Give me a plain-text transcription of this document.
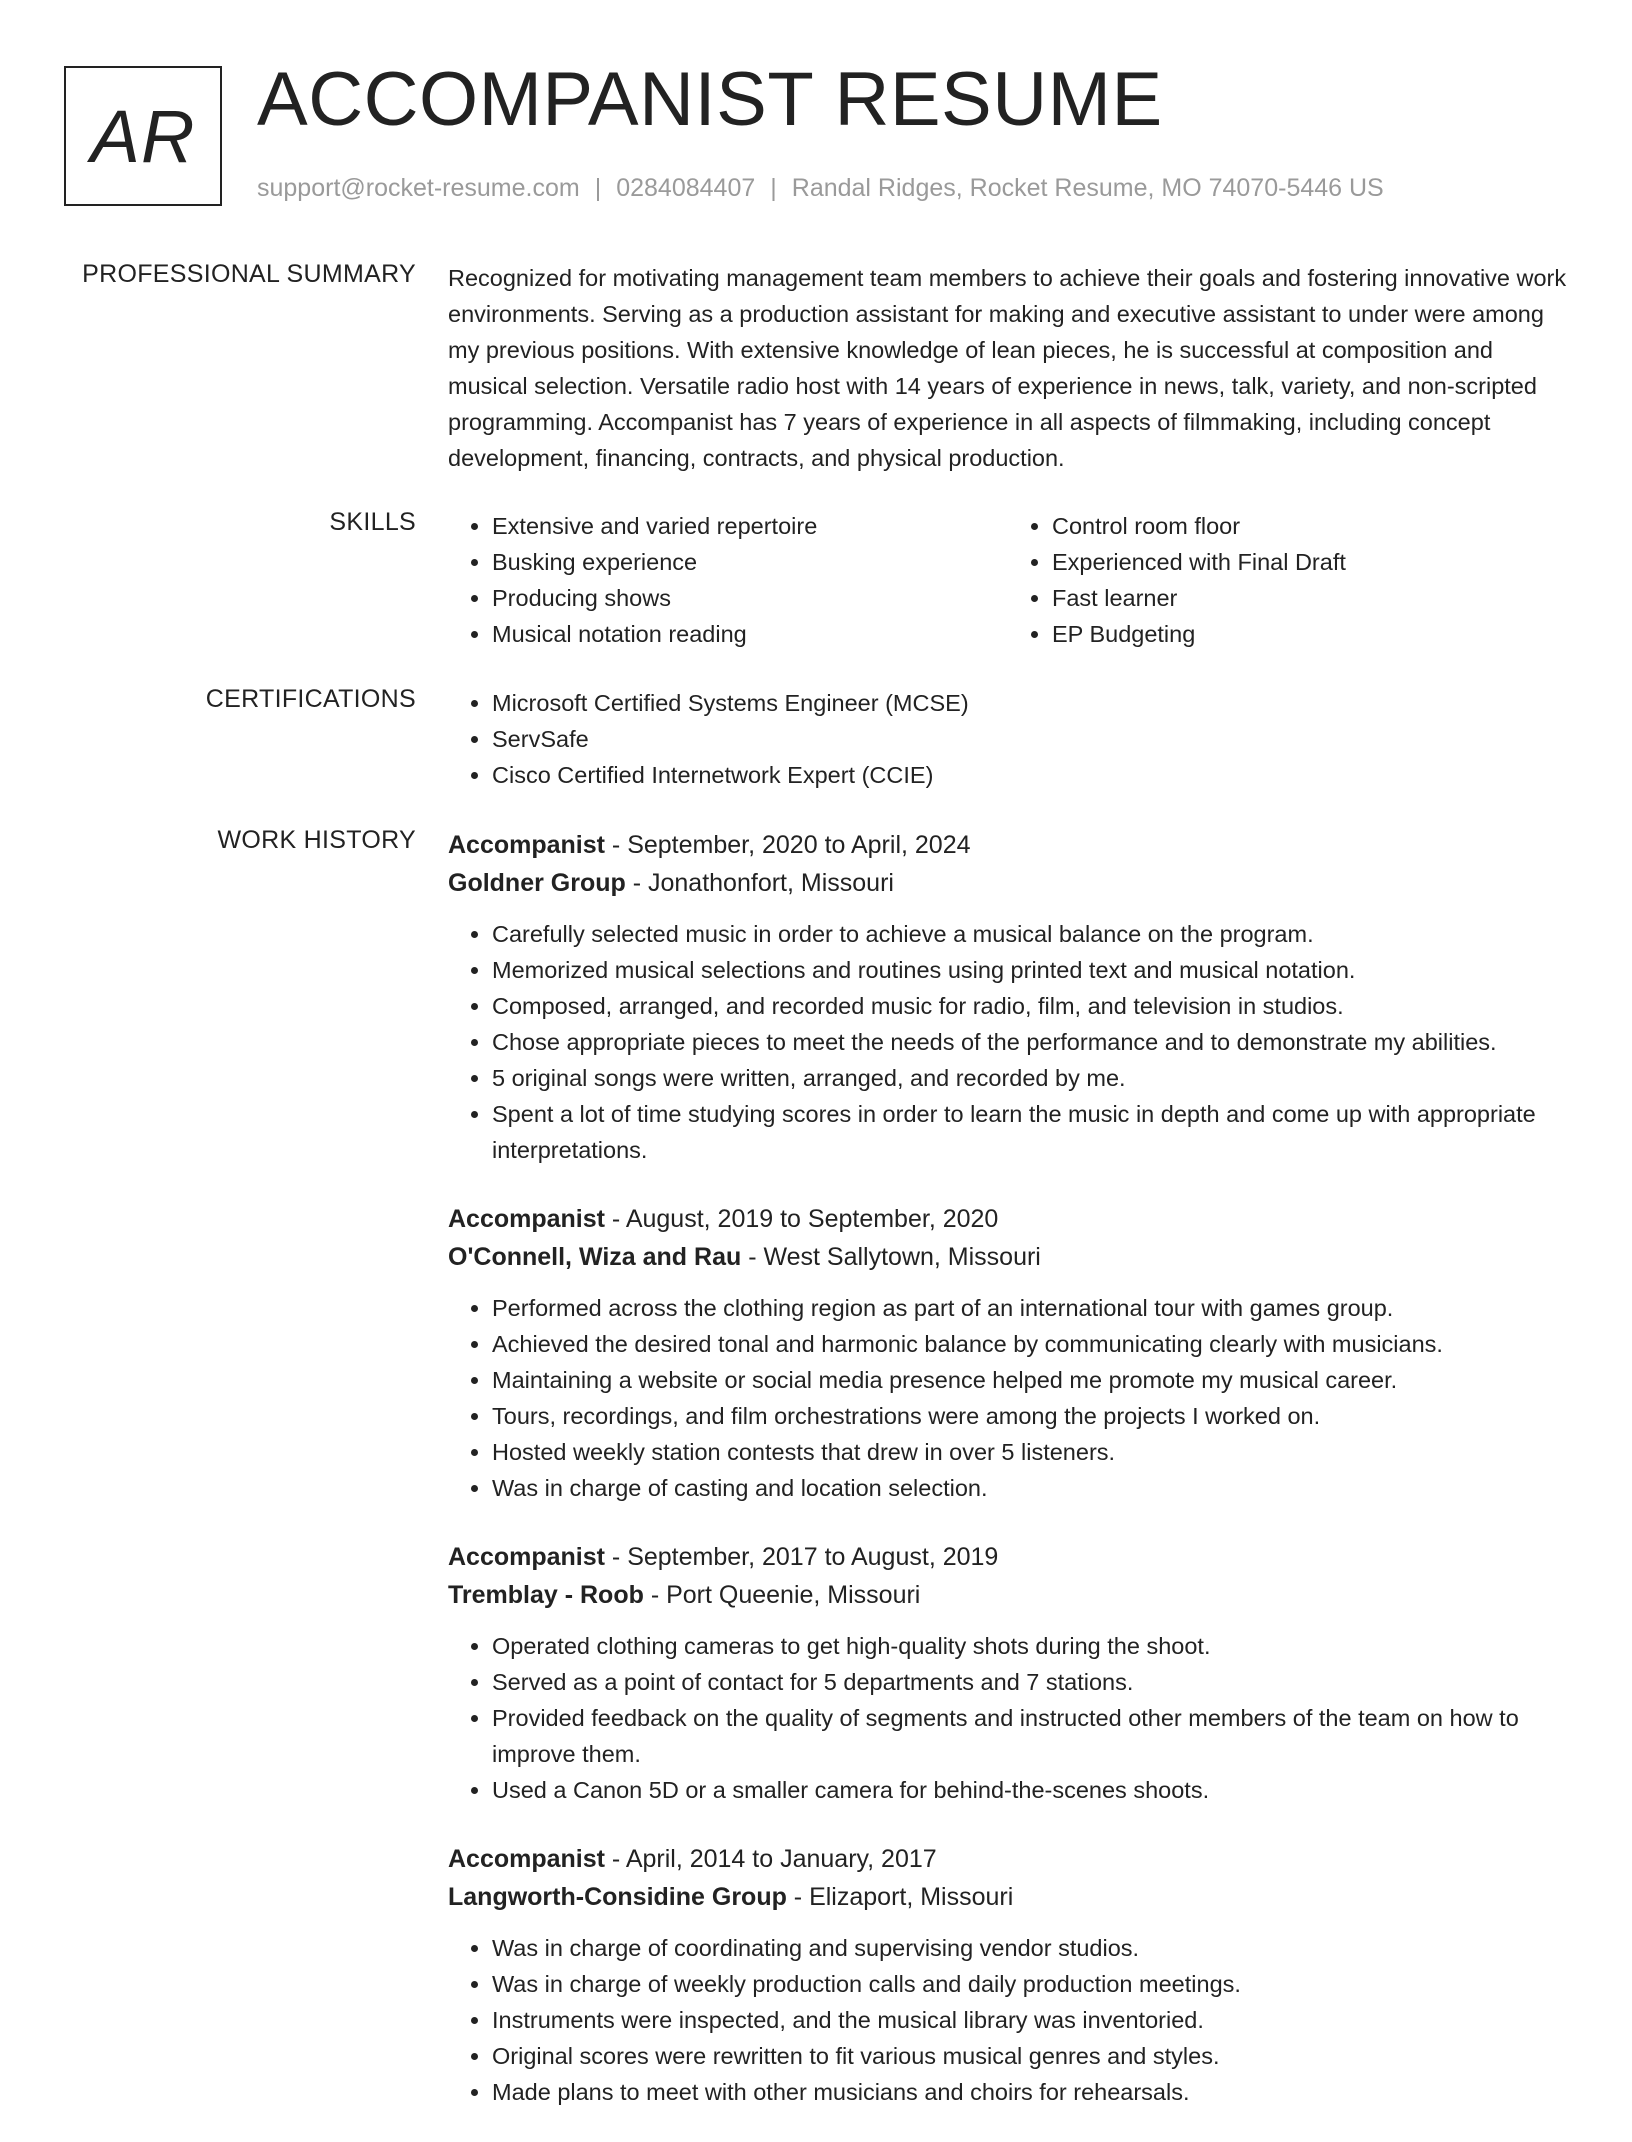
AR ACCOMPANIST RESUME
support@rocket-resume.com | 0284084407 | Randal Ridges, Rocket Resume, MO 74070-5446 US
PROFESSIONAL SUMMARY Recognized for motivating management team members to achieve their goals and fostering innovative work environments. Serving as a production assistant for making and executive assistant to under were among my previous positions. With extensive knowledge of lean pieces, he is successful at composition and musical selection. Versatile radio host with 14 years of experience in news, talk, variety, and non-scripted programming. Accompanist has 7 years of experience in all aspects of filmmaking, including concept development, financing, contracts, and physical production.

SKILLS	• Extensive and varied repertoire
• Busking experience
• Producing shows
• Musical notation reading
• Control room floor
• Experienced with Final Draft
• Fast learner
• EP Budgeting
CERTIFICATIONS	• Microsoft Certified Systems Engineer (MCSE)
• ServSafe
• Cisco Certified Internetwork Expert (CCIE)
WORK HISTORY Accompanist - September, 2020 to April, 2024
Goldner Group - Jonathonfort, Missouri
• Carefully selected music in order to achieve a musical balance on the program.
• Memorized musical selections and routines using printed text and musical notation.
• Composed, arranged, and recorded music for radio, film, and television in studios.
• Chose appropriate pieces to meet the needs of the performance and to demonstrate my abilities.
• 5 original songs were written, arranged, and recorded by me.
• Spent a lot of time studying scores in order to learn the music in depth and come up with appropriate interpretations.
Accompanist - August, 2019 to September, 2020
O'Connell, Wiza and Rau - West Sallytown, Missouri
• Performed across the clothing region as part of an international tour with games group.
• Achieved the desired tonal and harmonic balance by communicating clearly with musicians.
• Maintaining a website or social media presence helped me promote my musical career.
• Tours, recordings, and film orchestrations were among the projects I worked on.
• Hosted weekly station contests that drew in over 5 listeners.
• Was in charge of casting and location selection.
Accompanist - September, 2017 to August, 2019
Tremblay - Roob - Port Queenie, Missouri
• Operated clothing cameras to get high-quality shots during the shoot.
• Served as a point of contact for 5 departments and 7 stations.
• Provided feedback on the quality of segments and instructed other members of the team on how to improve them.
• Used a Canon 5D or a smaller camera for behind-the-scenes shoots.
Accompanist - April, 2014 to January, 2017
Langworth-Considine Group - Elizaport, Missouri
• Was in charge of coordinating and supervising vendor studios.
• Was in charge of weekly production calls and daily production meetings.
• Instruments were inspected, and the musical library was inventoried.
• Original scores were rewritten to fit various musical genres and styles.
• Made plans to meet with other musicians and choirs for rehearsals.
